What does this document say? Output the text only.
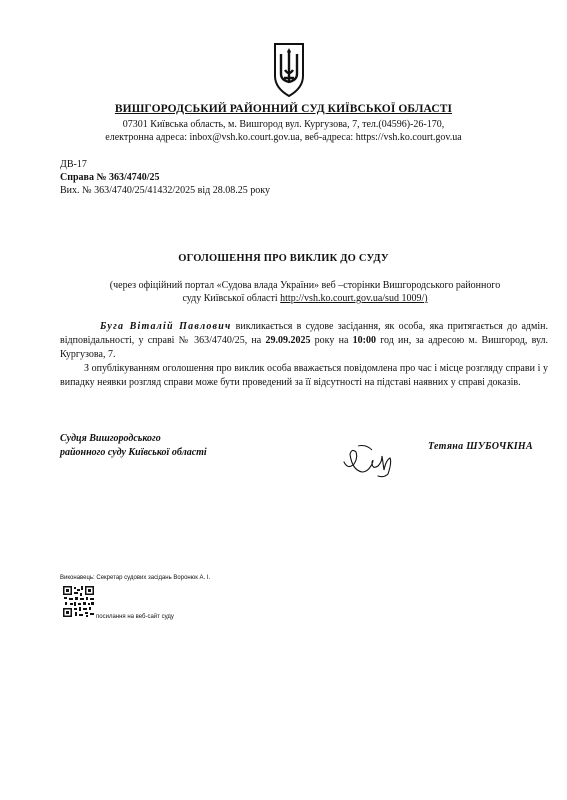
ВИШГОРОДСЬКИЙ РАЙОННИЙ СУД КИЇВСЬКОЇ ОБЛАСТІ
07301 Київська область, м. Вишгород вул. Кургузова, 7, тел.(04596)-26-170,
електронна адреса: inbox@vsh.ko.court.gov.ua, веб-адреса: https://vsh.ko.court.gov.ua
ДВ-17
Справа № 363/4740/25
Вих. № 363/4740/25/41432/2025 від 28.08.25 року
ОГОЛОШЕННЯ ПРО ВИКЛИК ДО СУДУ
(через офіційний портал «Судова влада України» веб –сторінки Вишгородського районного
суду Київської області http://vsh.ko.court.gov.ua/sud 1009/)

Буга Віталій Павлович викликається в судове засідання, як особа, яка притягається до адмін. відповідальності, у справі № 363/4740/25, на 29.09.2025 року на 10:00 год ин, за адресою м. Вишгород, вул. Кургузова, 7.

З опублікуванням оголошення про виклик особа вважається повідомлена про час і місце розгляду справи і у випадку неявки розгляд справи може бути проведений за її відсутності на підставі наявних у справі доказів.

Судця Вишгородського
районного суду Київської області
Тетяна ШУБОЧКІНА
Виконавець: Секретар судових засідань Воронюк А. І.
посилання на веб-сайт суду
